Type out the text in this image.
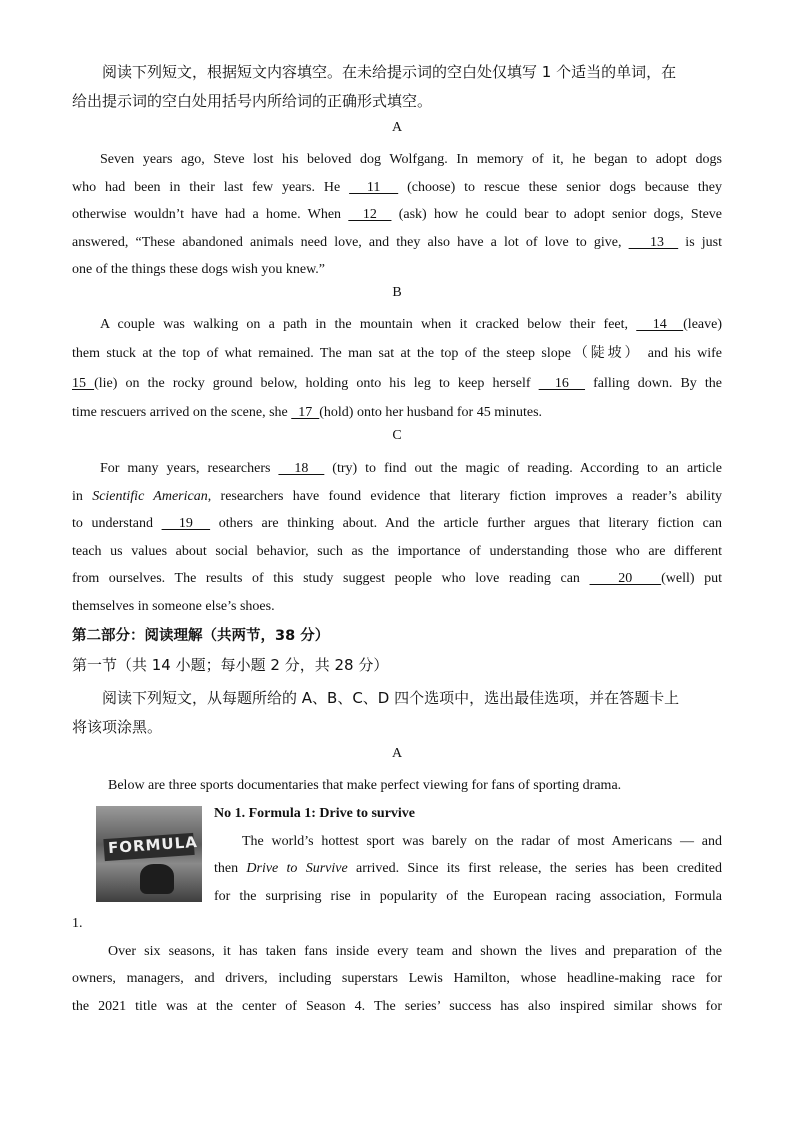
阅读下列短文，根据短文内容填空。在未给提示词的空白处仅填写 1 个适当的单词，在
给出提示词的空白处用括号内所给词的正确形式填空。

A

Seven years ago, Steve lost his beloved dog Wolfgang. In memory of it, he began to adopt dogs
who had been in their last few years. He   11   (choose) to rescue these senior dogs because they
otherwise wouldn’t have had a home. When   12   (ask) how he could bear to adopt senior dogs, Steve
answered, “These abandoned animals need love, and they also have a lot of love to give,    13   is just
one of the things these dogs wish you knew.”

B

A couple was walking on a path in the mountain when it cracked below their feet,   14  (leave)
them stuck at the top of what remained. The man sat at the top of the steep slope（陡坡） and his wife
15 (lie) on the rocky ground below, holding onto his leg to keep herself   16   falling down. By the
time rescuers arrived on the scene, she   17  (hold) onto her husband for 45 minutes.

C

For many years, researchers   18   (try) to find out the magic of reading. According to an article
in Scientific American, researchers have found evidence that literary fiction improves a reader’s ability
to understand   19   others are thinking about. And the article further argues that literary fiction can
teach us values about social behavior, such as the importance of understanding those who are different
from ourselves. The results of this study suggest people who love reading can    20   (well) put
themselves in someone else’s shoes.

第二部分：阅读理解（共两节，38 分）

第一节（共 14 小题；每小题 2 分，共 28 分）

阅读下列短文，从每题所给的 A、B、C、D 四个选项中，选出最佳选项，并在答题卡上
将该项涂黑。

A

Below are three sports documentaries that make perfect viewing for fans of sporting drama.
FORMULA
No 1. Formula 1: Drive to survive
The world’s hottest sport was barely on the radar of most Americans — and
then Drive to Survive arrived. Since its first release, the series has been credited
for the surprising rise in popularity of the European racing association, Formula
1.
Over six seasons, it has taken fans inside every team and shown the lives and preparation of the
owners, managers, and drivers, including superstars Lewis Hamilton, whose headline-making race for
the 2021 title was at the center of Season 4. The series’ success has also inspired similar shows for
